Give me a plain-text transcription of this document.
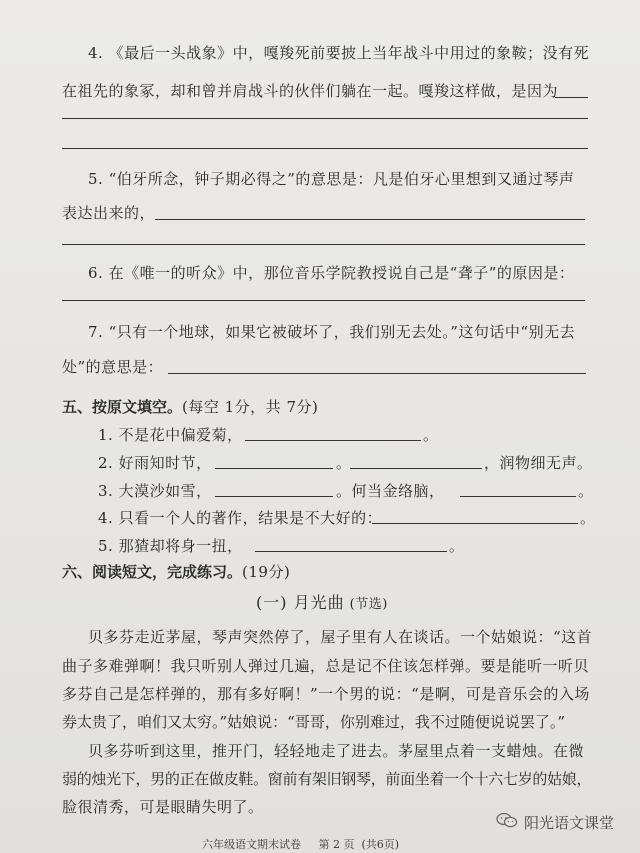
4. 《最后一头战象》中，嘎羧死前要披上当年战斗中用过的象鞍；没有死
在祖先的象冢，却和曾并肩战斗的伙伴们躺在一起。嘎羧这样做，是因为
5. “伯牙所念，钟子期必得之”的意思是：凡是伯牙心里想到又通过琴声
表达出来的，
6. 在《唯一的听众》中，那位音乐学院教授说自己是“聋子”的原因是：
7. “只有一个地球，如果它被破坏了，我们别无去处。”这句话中“别无去
处”的意思是：
五、按原文填空。(每空 1分，共 7分)
1. 不是花中偏爱菊，	。
2. 好雨知时节，	。	，润物细无声。
3. 大漠沙如雪，	。何当金络脑，	。
4. 只看一个人的著作，结果是不大好的：	。
5. 那猹却将身一扭，	。
六、阅读短文，完成练习。(19分)
(一) 月光曲 (节选)
贝多芬走近茅屋，琴声突然停了，屋子里有人在谈话。一个姑娘说：“这首
曲子多难弹啊！我只听别人弹过几遍，总是记不住该怎样弹。要是能听一听贝
多芬自己是怎样弹的，那有多好啊！”一个男的说：“是啊，可是音乐会的入场
券太贵了，咱们又太穷。”姑娘说：“哥哥，你别难过，我不过随便说说罢了。”
贝多芬听到这里，推开门，轻轻地走了进去。茅屋里点着一支蜡烛。在微
弱的烛光下，男的正在做皮鞋。窗前有架旧钢琴，前面坐着一个十六七岁的姑娘，
脸很清秀，可是眼睛失明了。
六年级语文期末试卷 第 2 页 (共6页)
阳光语文课堂
